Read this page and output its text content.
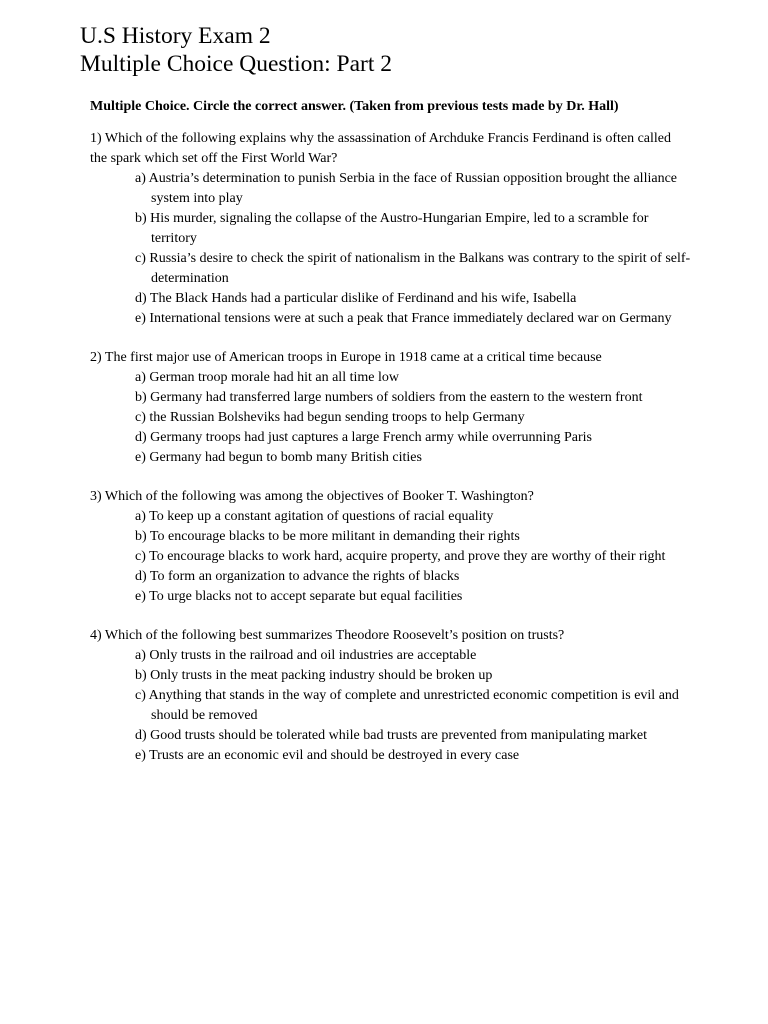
U.S History Exam 2
Multiple Choice Question: Part 2
Multiple Choice. Circle the correct answer. (Taken from previous tests made by Dr. Hall)
1) Which of the following explains why the assassination of Archduke Francis Ferdinand is often called the spark which set off the First World War?
a) Austria’s determination to punish Serbia in the face of Russian opposition brought the alliance system into play
b) His murder, signaling the collapse of the Austro-Hungarian Empire, led to a scramble for territory
c) Russia’s desire to check the spirit of nationalism in the Balkans was contrary to the spirit of self-determination
d) The Black Hands had a particular dislike of Ferdinand and his wife, Isabella
e) International tensions were at such a peak that France immediately declared war on Germany
2) The first major use of American troops in Europe in 1918 came at a critical time because
a) German troop morale had hit an all time low
b) Germany had transferred large numbers of soldiers from the eastern to the western front
c) the Russian Bolsheviks had begun sending troops to help Germany
d) Germany troops had just captures a large French army while overrunning Paris
e) Germany had begun to bomb many British cities
3) Which of the following was among the objectives of Booker T. Washington?
a) To keep up a constant agitation of questions of racial equality
b) To encourage blacks to be more militant in demanding their rights
c) To encourage blacks to work hard, acquire property, and prove they are worthy of their right
d) To form an organization to advance the rights of blacks
e) To urge blacks not to accept separate but equal facilities
4) Which of the following best summarizes Theodore Roosevelt’s position on trusts?
a) Only trusts in the railroad and oil industries are acceptable
b) Only trusts in the meat packing industry should be broken up
c) Anything that stands in the way of complete and unrestricted economic competition is evil and should be removed
d) Good trusts should be tolerated while bad trusts are prevented from manipulating market
e) Trusts are an economic evil and should be destroyed in every case
